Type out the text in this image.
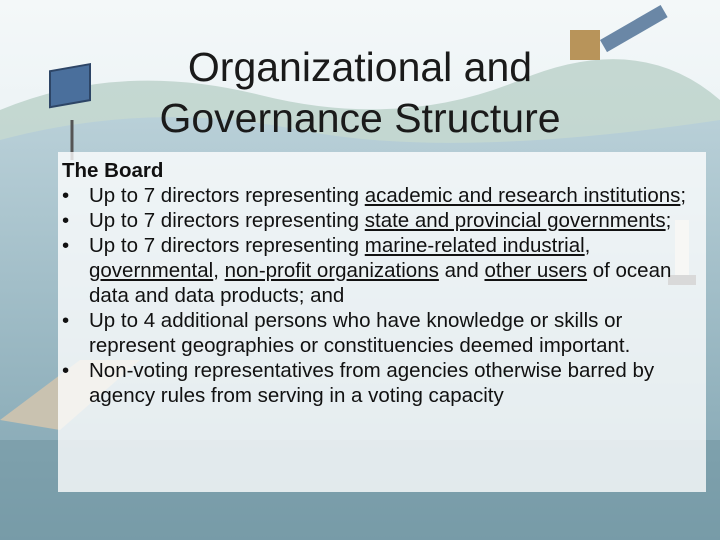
Organizational and
Governance Structure
The Board
• Up to 7 directors representing academic and research institutions;
• Up to 7 directors representing state and provincial governments;
• Up to 7 directors representing marine-related industrial, governmental, non-profit organizations and other users of ocean data and data products; and
• Up to 4 additional persons who have knowledge or skills or represent geographies or constituencies deemed important.
• Non-voting representatives from agencies otherwise barred by agency rules from serving in a voting capacity
